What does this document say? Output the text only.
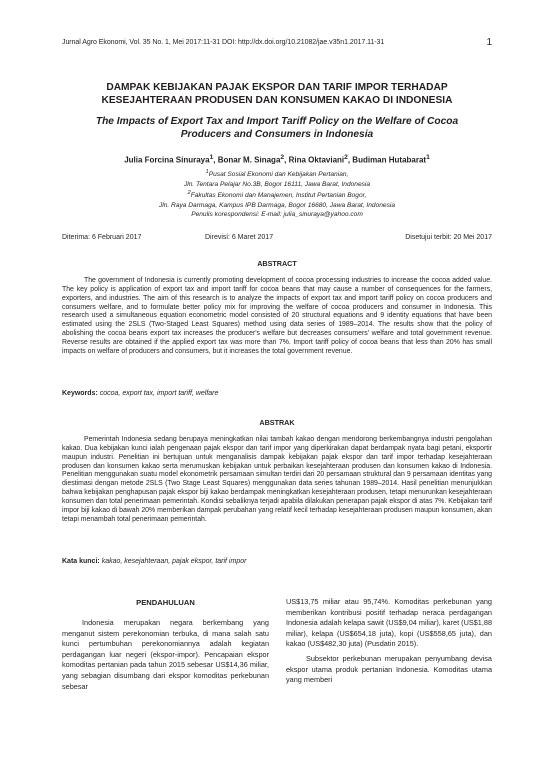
Jurnal Agro Ekonomi, Vol. 35 No. 1, Mei 2017:11-31 DOI: http://dx.doi.org/10.21082/jae.v35n1.2017.11-31	1
DAMPAK KEBIJAKAN PAJAK EKSPOR DAN TARIF IMPOR TERHADAP
KESEJAHTERAAN PRODUSEN DAN KONSUMEN KAKAO DI INDONESIA
The Impacts of Export Tax and Import Tariff Policy on the Welfare of Cocoa
Producers and Consumers in Indonesia
Julia Forcina Sinuraya$^1$, Bonar M. Sinaga$^2$, Rina Oktaviani$^2$, Budiman Hutabarat$^1$
$^1$Pusat Sosial Ekonomi dan Kebijakan Pertanian,
Jln. Tentara Pelajar No.3B, Bogor 16111, Jawa Barat, Indonesia
$^2$Fakultas Ekonomi dan Manajemen, Institut Pertanian Bogor,
Jln. Raya Darmaga, Kampus IPB Darmaga, Bogor 16680, Jawa Barat, Indonesia
Penulis korespondensi: E-mail: julia_sinuraya@yahoo.com
Diterima: 6 Februari 2017	Direvisi: 6 Maret 2017	Disetujui terbit: 20 Mei 2017
ABSTRACT
The government of Indonesia is currently promoting development of cocoa processing industries to increase the cocoa added value. The key policy is application of export tax and import tariff for cocoa beans that may cause a number of consequences for the farmers, exporters, and industries. The aim of this research is to analyze the impacts of export tax and import tariff policy on cocoa producers and consumers welfare, and to formulate better policy mix for improving the welfare of cocoa producers and consumer in Indonesia. This research used a simultaneous equation econometric model consisted of 20 structural equations and 9 identity equations that have been estimated using the 2SLS (Two-Staged Least Squares) method using data series of 1989–2014. The results show that the policy of abolishing the cocoa beans export tax increases the producer's welfare but decreases consumers' welfare and total government revenue. Reverse results are obtained if the applied export tax was more than 7%. Import tariff policy of cocoa beans that less than 20% has small impacts on welfare of producers and consumers, but it increases the total government revenue.
Keywords: cocoa, export tax, import tariff, welfare
ABSTRAK
Pemerintah Indonesia sedang berupaya meningkatkan nilai tambah kakao dengan mendorong berkembangnya industri pengolahan kakao. Dua kebijakan kunci ialah pengenaan pajak ekspor dan tarif impor yang diperkirakan dapat berdampak nyata bagi petani, eksportir maupun industri. Penelitian ini bertujuan untuk menganalisis dampak kebijakan pajak ekspor dan tarif impor terhadap kesejahteraan produsen dan konsumen kakao serta merumuskan kebijakan untuk perbaikan kesejahteraan produsen dan konsumen kakao di Indonesia. Penelitian menggunakan suatu model ekonometrik persamaan simultan terdiri dari 20 persamaan struktural dan 9 persamaan identitas yang diestimasi dengan metode 2SLS (Two Stage Least Squares) menggunakan data series tahunan 1989–2014. Hasil penelitian menunjukkan bahwa kebijakan penghapusan pajak ekspor biji kakao berdampak meningkatkan kesejahteraan produsen, tetapi menurunkan kesejahteraan konsumen dan total penerimaan pemerintah. Kondisi sebaliknya terjadi apabila dilakukan penerapan pajak ekspor di atas 7%. Kebijakan tarif impor biji kakao di bawah 20% memberikan dampak perubahan yang relatif kecil terhadap kesejahteraan produsen maupun konsumen, akan tetapi menambah total penerimaan pemerintah.
Kata kunci: kakao, kesejahteraan, pajak ekspor, tarif impor
PENDAHULUAN

Indonesia merupakan negara berkembang yang menganut sistem perekonomian terbuka, di mana salah satu kunci pertumbuhan perekonomiannya adalah kegiatan perdagangan luar negeri (ekspor-impor). Pencapaian ekspor komoditas pertanian pada tahun 2015 sebesar US$14,36 miliar, yang sebagian disumbang dari ekspor komoditas perkebunan sebesar

US$13,75 miliar atau 95,74%. Komoditas perkebunan yang memberikan kontribusi positif terhadap neraca perdagangan Indonesia adalah kelapa sawit (US$9,04 miliar), karet (US$1,88 miliar), kelapa (US$654,18 juta), kopi (US$558,65 juta), dan kakao (US$482,30 juta) (Pusdatin 2015).

Subsektor perkebunan merupakan penyumbang devisa ekspor utama produk pertanian Indonesia. Komoditas utama yang memberi
